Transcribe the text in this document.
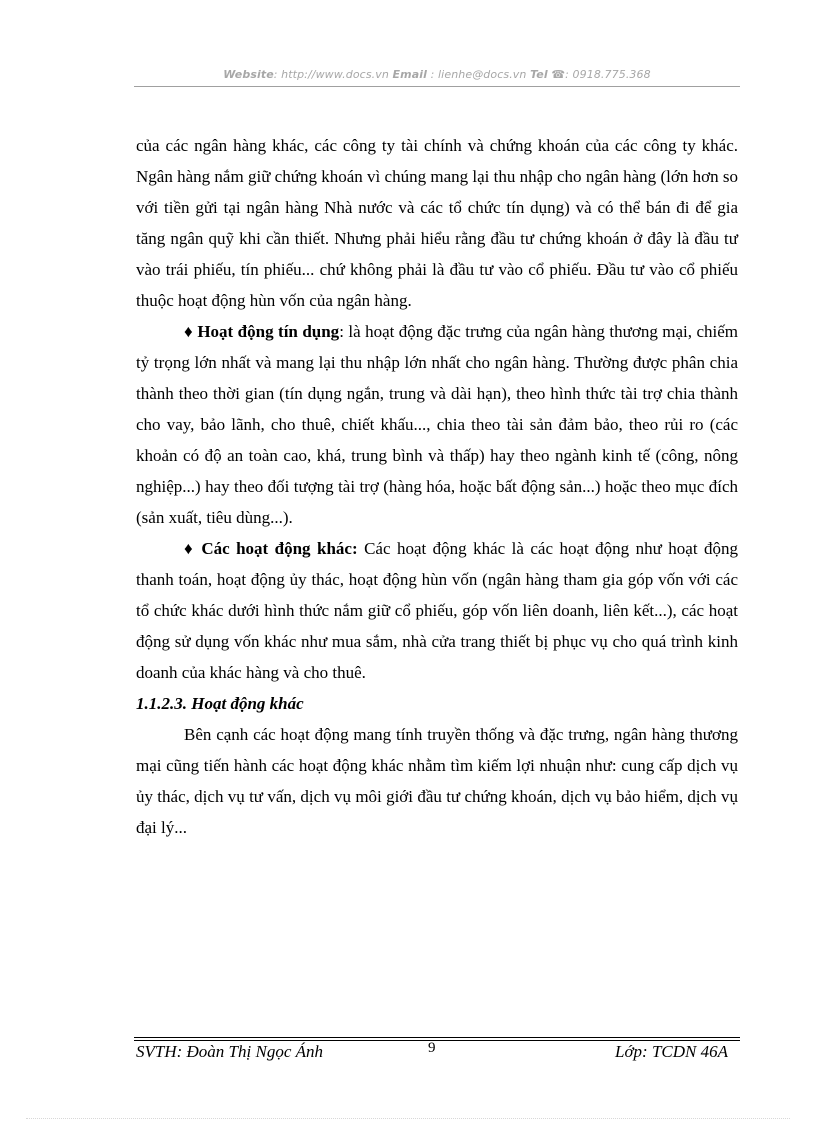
Website: http://www.docs.vn Email : lienhe@docs.vn Tel ☎: 0918.775.368

của các ngân hàng khác, các công ty tài chính và chứng khoán của các công ty khác. Ngân hàng nắm giữ chứng khoán vì chúng mang lại thu nhập cho ngân hàng (lớn hơn so với tiền gửi tại ngân hàng Nhà nước và các tổ chức tín dụng) và có thể bán đi để gia tăng ngân quỹ khi cần thiết. Nhưng phải hiểu rằng đầu tư chứng khoán ở đây là đầu tư vào trái phiếu, tín phiếu... chứ không phải là đầu tư vào cổ phiếu. Đầu tư vào cổ phiếu thuộc hoạt động hùn vốn của ngân hàng.

♦ Hoạt động tín dụng: là hoạt động đặc trưng của ngân hàng thương mại, chiếm tỷ trọng lớn nhất và mang lại thu nhập lớn nhất cho ngân hàng. Thường được phân chia thành theo thời gian (tín dụng ngắn, trung và dài hạn), theo hình thức tài trợ chia thành cho vay, bảo lãnh, cho thuê, chiết khấu..., chia theo tài sản đảm bảo, theo rủi ro (các khoản có độ an toàn cao, khá, trung bình và thấp) hay theo ngành kinh tế (công, nông nghiệp...) hay theo đối tượng tài trợ (hàng hóa, hoặc bất động sản...) hoặc theo mục đích (sản xuất, tiêu dùng...).

♦ Các hoạt động khác: Các hoạt động khác là các hoạt động như hoạt động thanh toán, hoạt động ủy thác, hoạt động hùn vốn (ngân hàng tham gia góp vốn với các tổ chức khác dưới hình thức nắm giữ cổ phiếu, góp vốn liên doanh, liên kết...), các hoạt động sử dụng vốn khác như mua sắm, nhà cửa trang thiết bị phục vụ cho quá trình kinh doanh của khác hàng và cho thuê.

1.1.2.3. Hoạt động khác

Bên cạnh các hoạt động mang tính truyền thống và đặc trưng, ngân hàng thương mại cũng tiến hành các hoạt động khác nhằm tìm kiếm lợi nhuận như: cung cấp dịch vụ ủy thác, dịch vụ tư vấn, dịch vụ môi giới đầu tư chứng khoán, dịch vụ bảo hiểm, dịch vụ đại lý...

SVTH: Đoàn Thị Ngọc Ánh	9	Lớp: TCDN 46A
